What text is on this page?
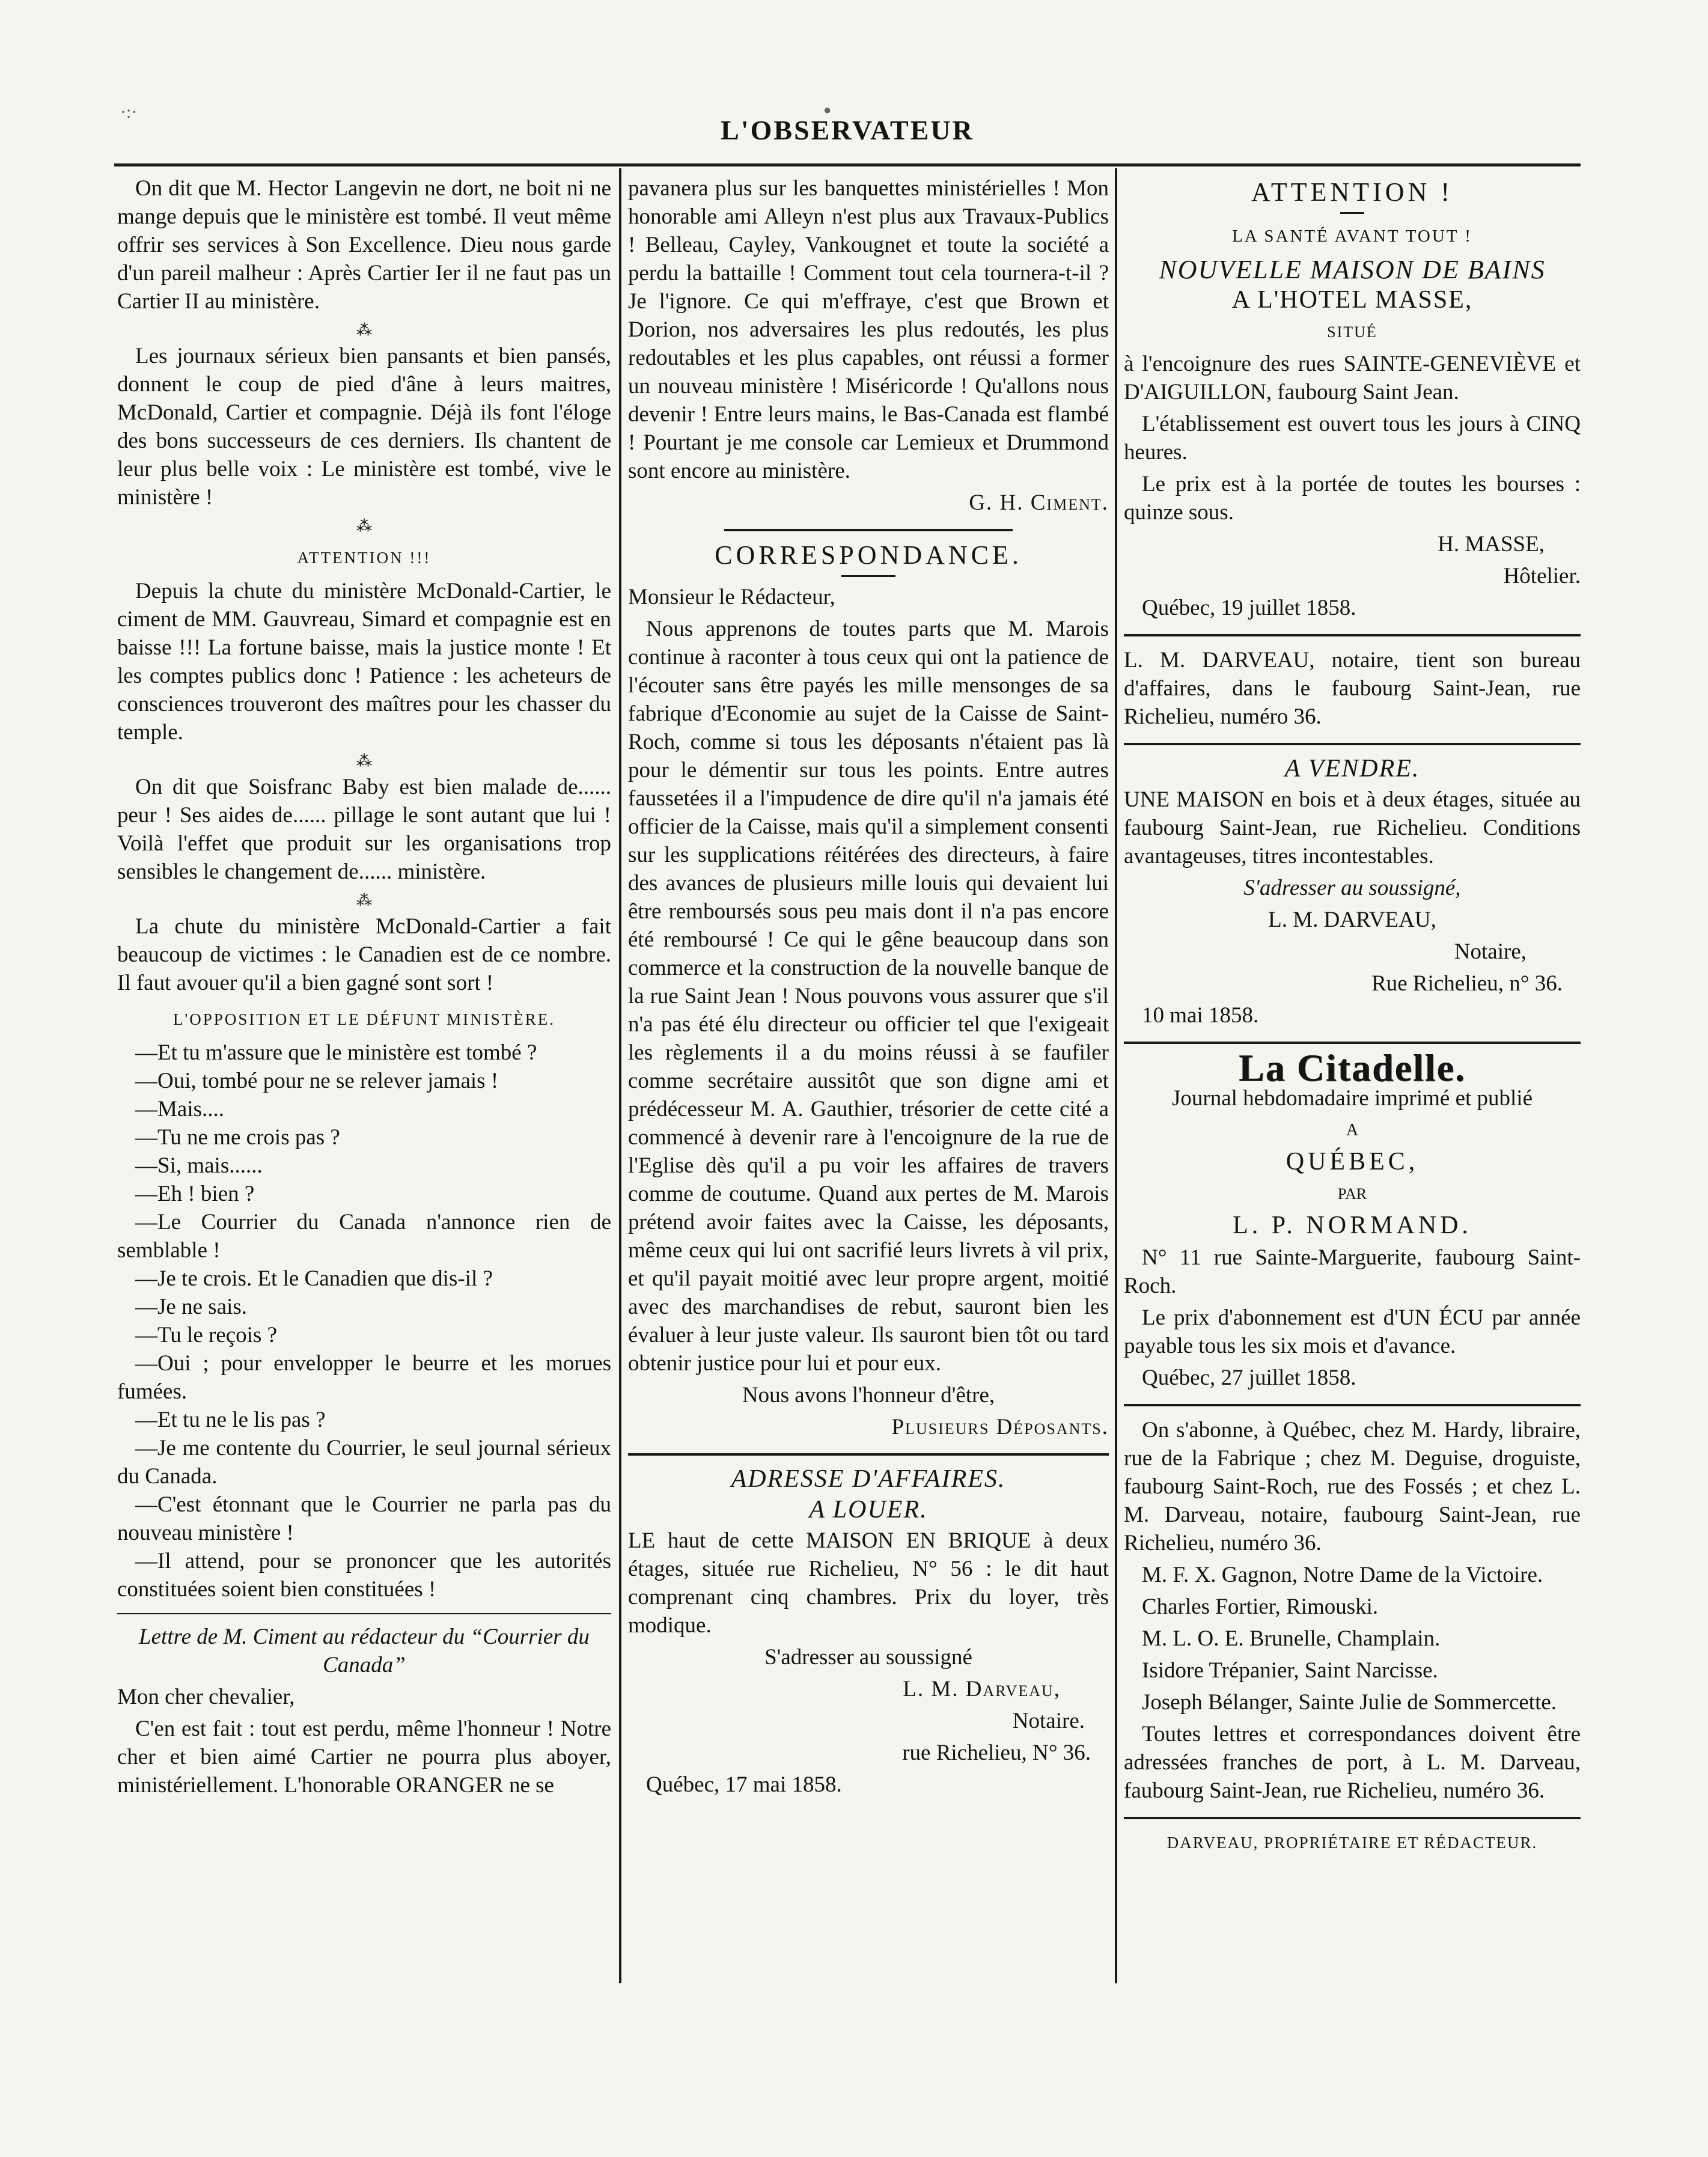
L'OBSERVATEUR

On dit que M. Hector Langevin ne dort, ne boit ni ne mange depuis que le ministère est tombé. Il veut même offrir ses services à Son Excellence. Dieu nous garde d'un pareil malheur : Après Cartier Ier il ne faut pas un Cartier II au ministère.

⁂

Les journaux sérieux bien pansants et bien pansés, donnent le coup de pied d'âne à leurs maitres, McDonald, Cartier et compagnie. Déjà ils font l'éloge des bons successeurs de ces derniers. Ils chantent de leur plus belle voix : Le ministère est tombé, vive le ministère !

⁂
ATTENTION !!!

Depuis la chute du ministère McDonald-Cartier, le ciment de MM. Gauvreau, Simard et compagnie est en baisse !!! La fortune baisse, mais la justice monte ! Et les comptes publics donc ! Patience : les acheteurs de consciences trouveront des maîtres pour les chasser du temple.

⁂

On dit que Soisfranc Baby est bien malade de...... peur ! Ses aides de...... pillage le sont autant que lui ! Voilà l'effet que produit sur les organisations trop sensibles le changement de...... ministère.

⁂

La chute du ministère McDonald-Cartier a fait beaucoup de victimes : le Canadien est de ce nombre. Il faut avouer qu'il a bien gagné sont sort !

L'OPPOSITION ET LE DÉFUNT MINISTÈRE.

—Et tu m'assure que le ministère est tombé ?

—Oui, tombé pour ne se relever jamais !

—Mais....

—Tu ne me crois pas ?

—Si, mais......

—Eh ! bien ?

—Le Courrier du Canada n'annonce rien de semblable !

—Je te crois. Et le Canadien que dis-il ?

—Je ne sais.

—Tu le reçois ?

—Oui ; pour envelopper le beurre et les morues fumées.

—Et tu ne le lis pas ?

—Je me contente du Courrier, le seul journal sérieux du Canada.

—C'est étonnant que le Courrier ne parla pas du nouveau ministère !

—Il attend, pour se prononcer que les autorités constituées soient bien constituées !

Lettre de M. Ciment au rédacteur du “Courrier du Canada”

Mon cher chevalier,

C'en est fait : tout est perdu, même l'honneur ! Notre cher et bien aimé Cartier ne pourra plus aboyer, ministériellement. L'honorable ORANGER ne se

pavanera plus sur les banquettes ministérielles ! Mon honorable ami Alleyn n'est plus aux Travaux-Publics ! Belleau, Cayley, Vankougnet et toute la société a perdu la battaille ! Comment tout cela tournera-t-il ? Je l'ignore. Ce qui m'effraye, c'est que Brown et Dorion, nos adversaires les plus redoutés, les plus redoutables et les plus capables, ont réussi a former un nouveau ministère ! Miséricorde ! Qu'allons nous devenir ! Entre leurs mains, le Bas-Canada est flambé ! Pourtant je me console car Lemieux et Drummond sont encore au ministère.

G. H. Ciment.

CORRESPONDANCE.

Monsieur le Rédacteur,

Nous apprenons de toutes parts que M. Marois continue à raconter à tous ceux qui ont la patience de l'écouter sans être payés les mille mensonges de sa fabrique d'Economie au sujet de la Caisse de Saint-Roch, comme si tous les déposants n'étaient pas là pour le démentir sur tous les points. Entre autres faussetées il a l'impudence de dire qu'il n'a jamais été officier de la Caisse, mais qu'il a simplement consenti sur les supplications réitérées des directeurs, à faire des avances de plusieurs mille louis qui devaient lui être remboursés sous peu mais dont il n'a pas encore été remboursé ! Ce qui le gêne beaucoup dans son commerce et la construction de la nouvelle banque de la rue Saint Jean ! Nous pouvons vous assurer que s'il n'a pas été élu directeur ou officier tel que l'exigeait les règlements il a du moins réussi à se faufiler comme secrétaire aussitôt que son digne ami et prédécesseur M. A. Gauthier, trésorier de cette cité a commencé à devenir rare à l'encoignure de la rue de l'Eglise dès qu'il a pu voir les affaires de travers comme de coutume. Quand aux pertes de M. Marois prétend avoir faites avec la Caisse, les déposants, même ceux qui lui ont sacrifié leurs livrets à vil prix, et qu'il payait moitié avec leur propre argent, moitié avec des marchandises de rebut, sauront bien les évaluer à leur juste valeur. Ils sauront bien tôt ou tard obtenir justice pour lui et pour eux.

Nous avons l'honneur d'être,

Plusieurs Déposants.

ADRESSE D'AFFAIRES.
A LOUER.

LE haut de cette MAISON EN BRIQUE à deux étages, située rue Richelieu, N° 56 : le dit haut comprenant cinq chambres. Prix du loyer, très modique.

S'adresser au soussigné

L. M. Darveau,

Notaire.

rue Richelieu, N° 36.

Québec, 17 mai 1858.

ATTENTION !
LA SANTÉ AVANT TOUT !
NOUVELLE MAISON DE BAINS
A L'HOTEL MASSE,
SITUÉ

à l'encoignure des rues SAINTE-GENEVIÈVE et D'AIGUILLON, faubourg Saint Jean.

L'établissement est ouvert tous les jours à CINQ heures.

Le prix est à la portée de toutes les bourses : quinze sous.

H. MASSE,

Hôtelier.

Québec, 19 juillet 1858.

L. M. DARVEAU, notaire, tient son bureau d'affaires, dans le faubourg Saint-Jean, rue Richelieu, numéro 36.

A VENDRE.

UNE MAISON en bois et à deux étages, située au faubourg Saint-Jean, rue Richelieu. Conditions avantageuses, titres incontestables.

S'adresser au soussigné,

L. M. DARVEAU,

Notaire,

Rue Richelieu, n° 36.

10 mai 1858.

La Citadelle.

Journal hebdomadaire imprimé et publié

A

QUÉBEC,

PAR

L. P. NORMAND.

N° 11 rue Sainte-Marguerite, faubourg Saint-Roch.

Le prix d'abonnement est d'UN ÉCU par année payable tous les six mois et d'avance.

Québec, 27 juillet 1858.

On s'abonne, à Québec, chez M. Hardy, libraire, rue de la Fabrique ; chez M. Deguise, droguiste, faubourg Saint-Roch, rue des Fossés ; et chez L. M. Darveau, notaire, faubourg Saint-Jean, rue Richelieu, numéro 36.

M. F. X. Gagnon, Notre Dame de la Victoire.

Charles Fortier, Rimouski.

M. L. O. E. Brunelle, Champlain.

Isidore Trépanier, Saint Narcisse.

Joseph Bélanger, Sainte Julie de Sommercette.

Toutes lettres et correspondances doivent être adressées franches de port, à L. M. Darveau, faubourg Saint-Jean, rue Richelieu, numéro 36.

DARVEAU, PROPRIÉTAIRE ET RÉDACTEUR.

·:·	●
